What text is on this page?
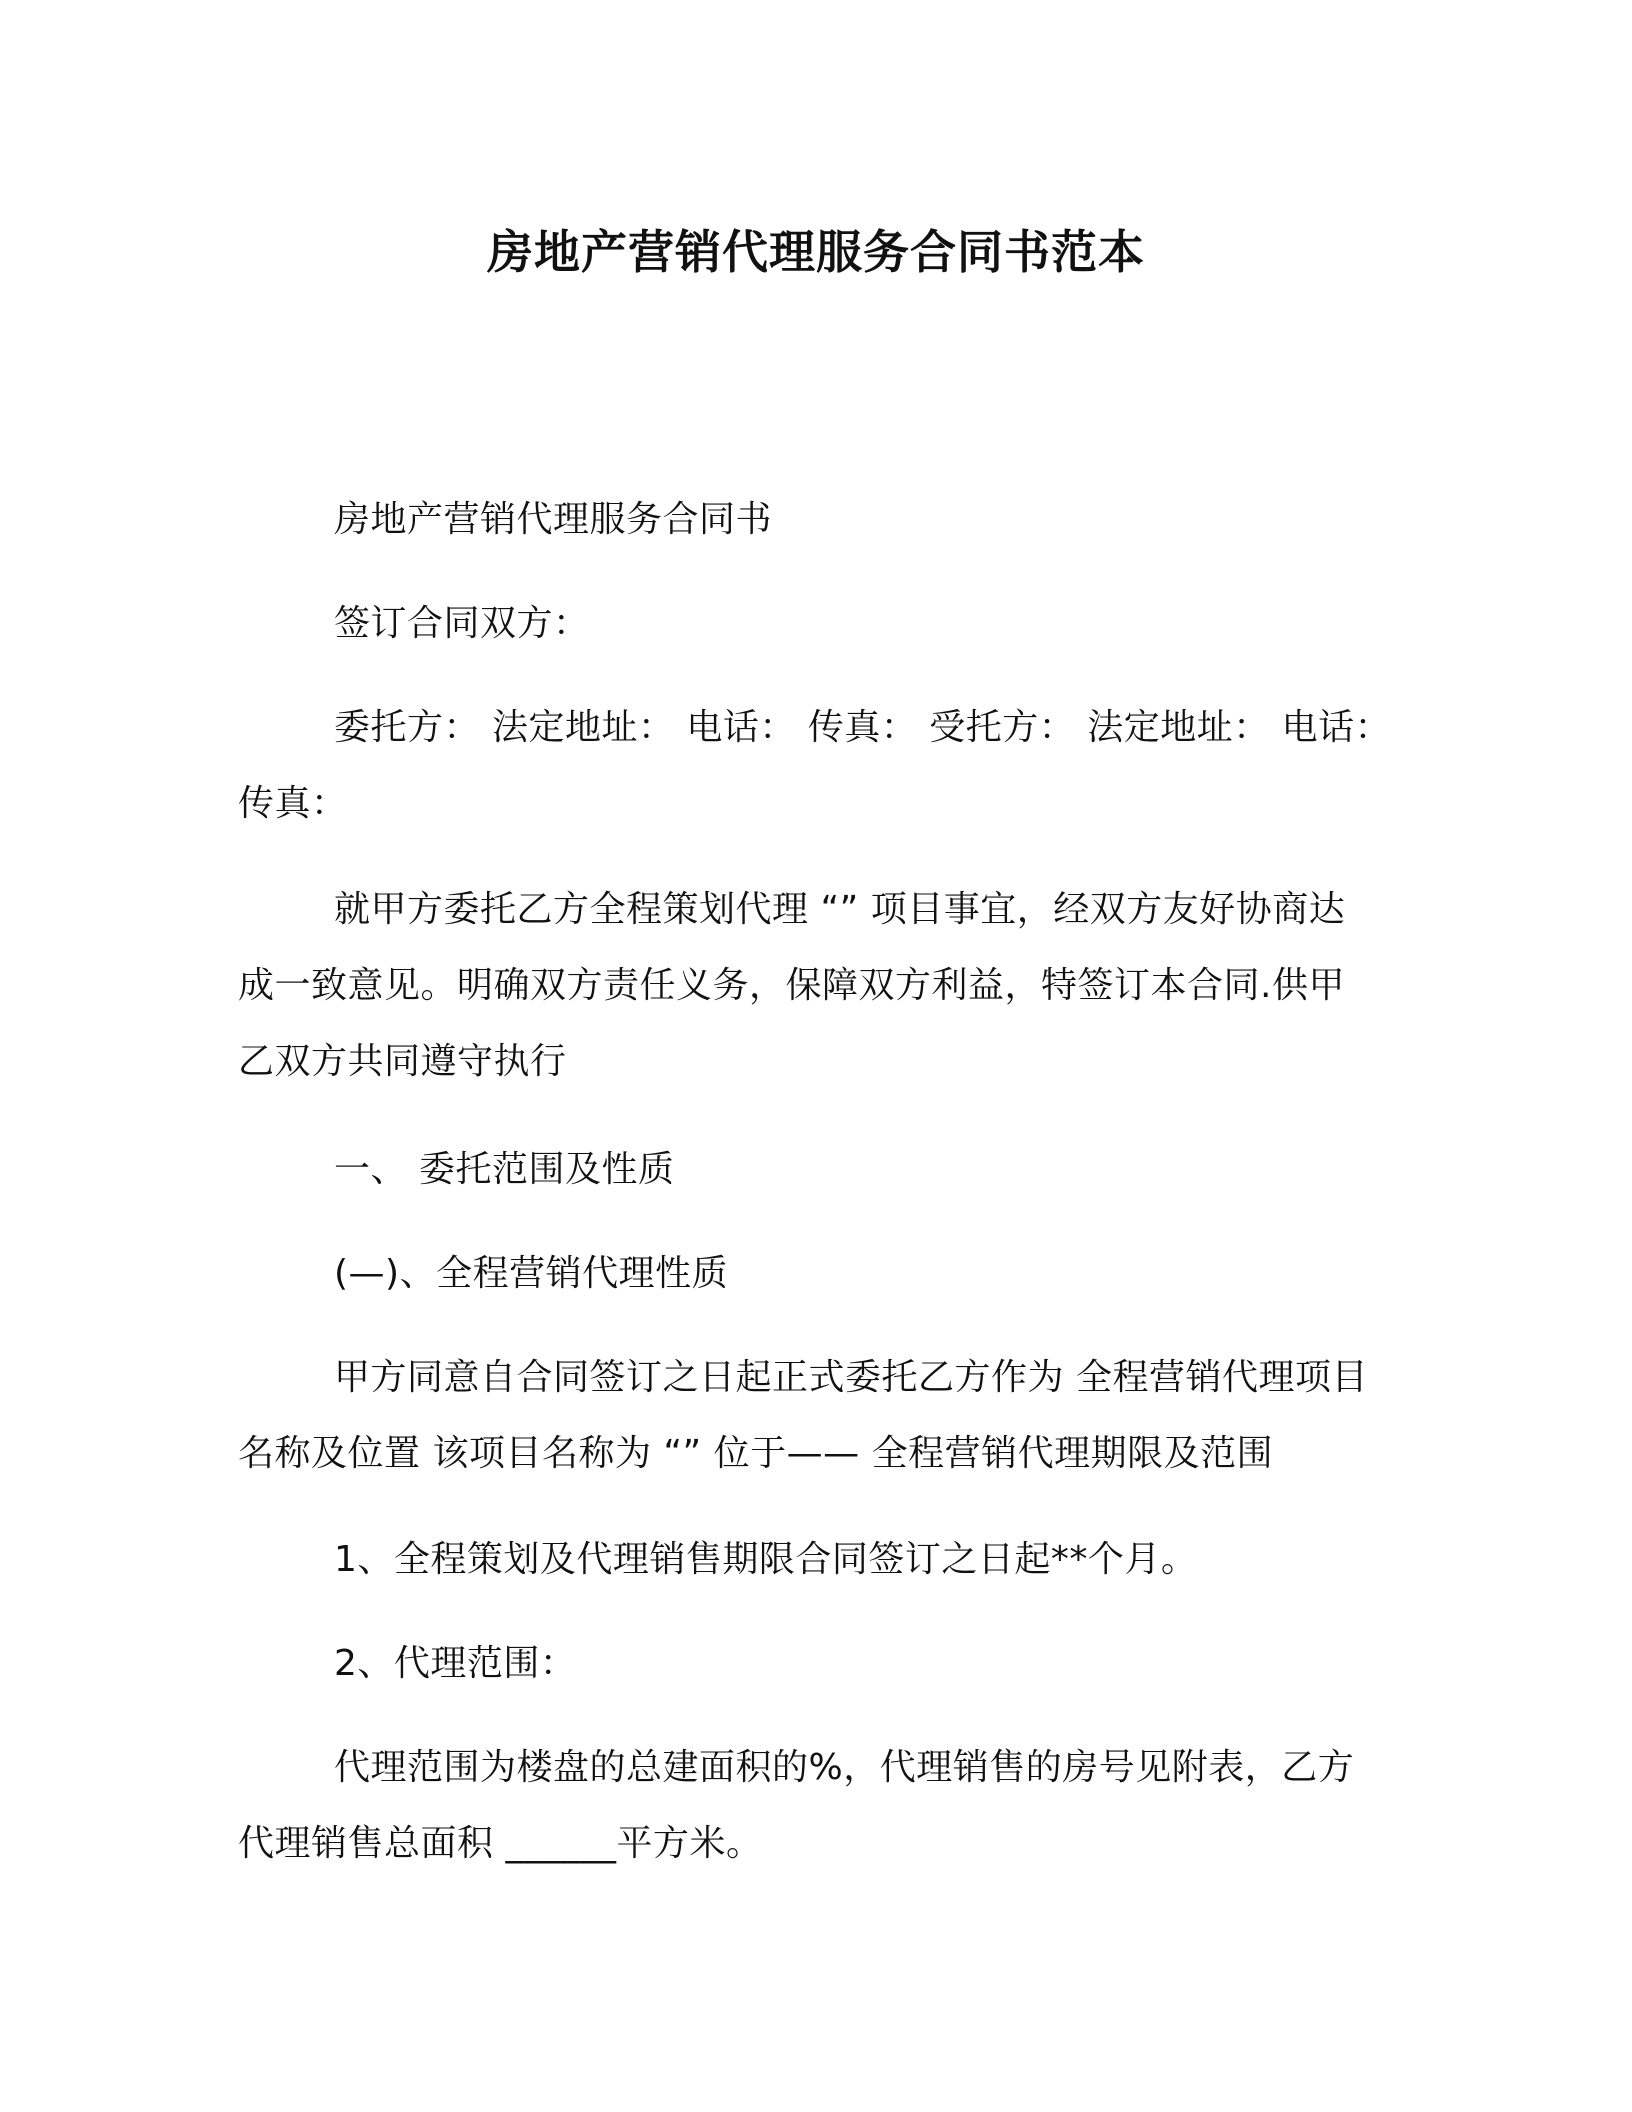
房地产营销代理服务合同书范本
房地产营销代理服务合同书
签订合同双方：
委托方： 法定地址： 电话： 传真： 受托方： 法定地址： 电话：
传真：
就甲方委托乙方全程策划代理 “” 项目事宜，经双方友好协商达
成一致意见。明确双方责任义务，保障双方利益，特签订本合同.供甲
乙双方共同遵守执行
一、 委托范围及性质
(—)、全程营销代理性质
甲方同意自合同签订之日起正式委托乙方作为 全程营销代理项目
名称及位置 该项目名称为 “” 位于—— 全程营销代理期限及范围
1、全程策划及代理销售期限合同签订之日起**个月。
2、代理范围：
代理范围为楼盘的总建面积的%，代理销售的房号见附表，乙方
代理销售总面积 ______平方米。
